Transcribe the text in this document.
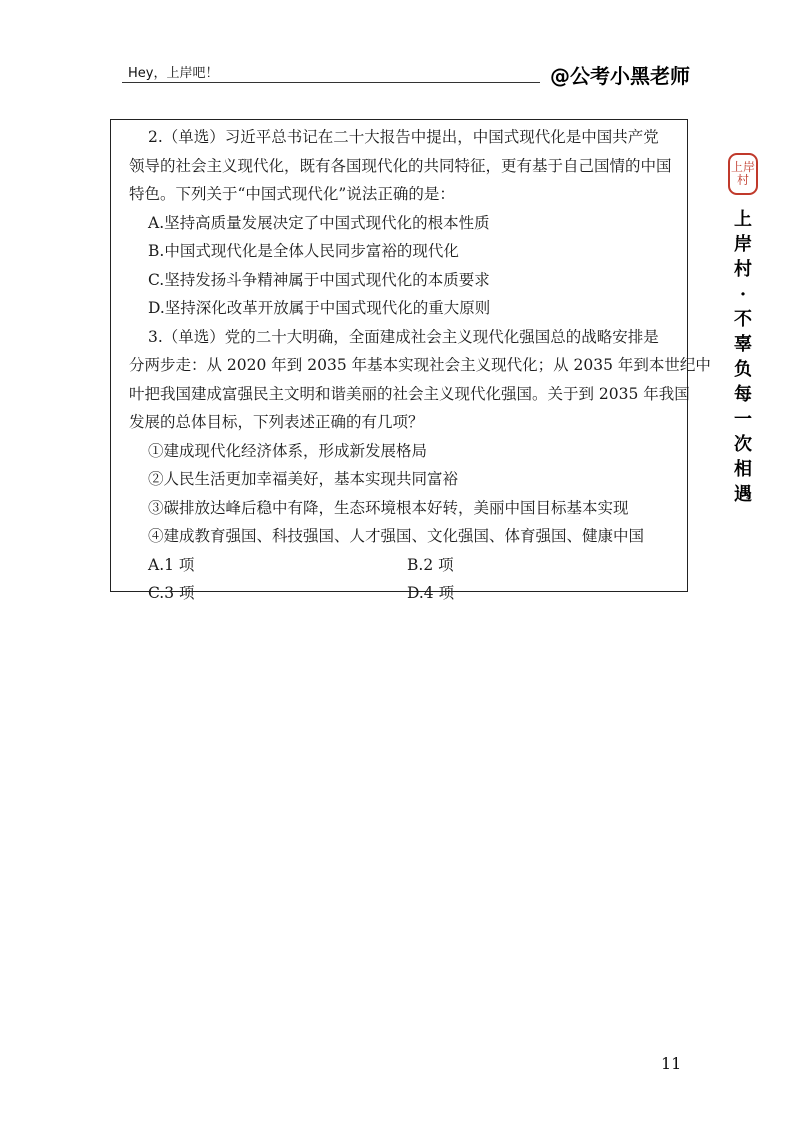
Hey，上岸吧！	@公考小黑老师

2.（单选）习近平总书记在二十大报告中提出，中国式现代化是中国共产党

领导的社会主义现代化，既有各国现代化的共同特征，更有基于自己国情的中国

特色。下列关于“中国式现代化”说法正确的是：

A.坚持高质量发展决定了中国式现代化的根本性质

B.中国式现代化是全体人民同步富裕的现代化

C.坚持发扬斗争精神属于中国式现代化的本质要求

D.坚持深化改革开放属于中国式现代化的重大原则

3.（单选）党的二十大明确，全面建成社会主义现代化强国总的战略安排是

分两步走：从 2020 年到 2035 年基本实现社会主义现代化；从 2035 年到本世纪中

叶把我国建成富强民主文明和谐美丽的社会主义现代化强国。关于到 2035 年我国

发展的总体目标，下列表述正确的有几项？

①建成现代化经济体系，形成新发展格局

②人民生活更加幸福美好，基本实现共同富裕

③碳排放达峰后稳中有降，生态环境根本好转，美丽中国目标基本实现

④建成教育强国、科技强国、人才强国、文化强国、体育强国、健康中国

A.1 项	B.2 项
C.3 项	D.4 项
上岸村
上岸村·不辜负每一次相遇
11
